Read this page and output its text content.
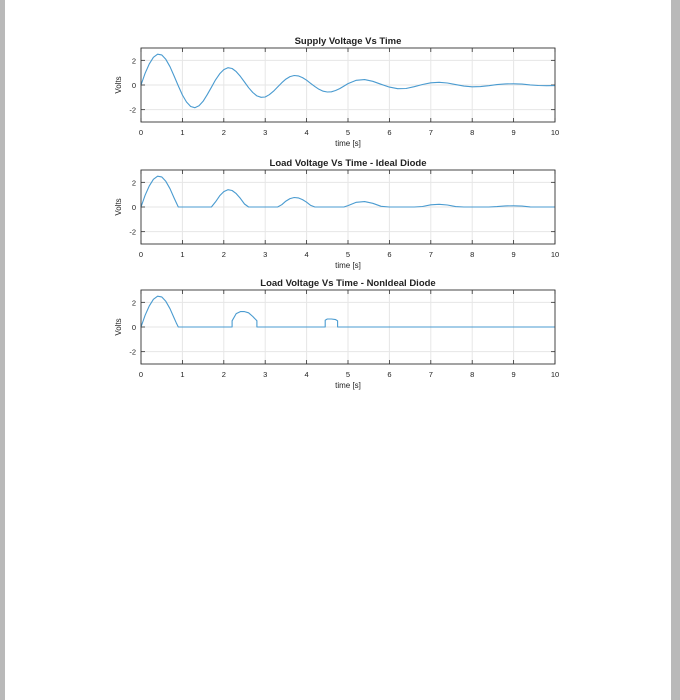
0	1	2	3	4	5	6	7	8	9	10
2
0
-2
Supply Voltage Vs Time
time [s]
Volts
0	1	2	3	4	5	6	7	8	9	10
2
0
-2
Load Voltage Vs Time - Ideal Diode
time [s]
Volts
0	1	2	3	4	5	6	7	8	9	10
2
0
-2
Load Voltage Vs Time - Nonldeal Diode
time [s]
Volts
